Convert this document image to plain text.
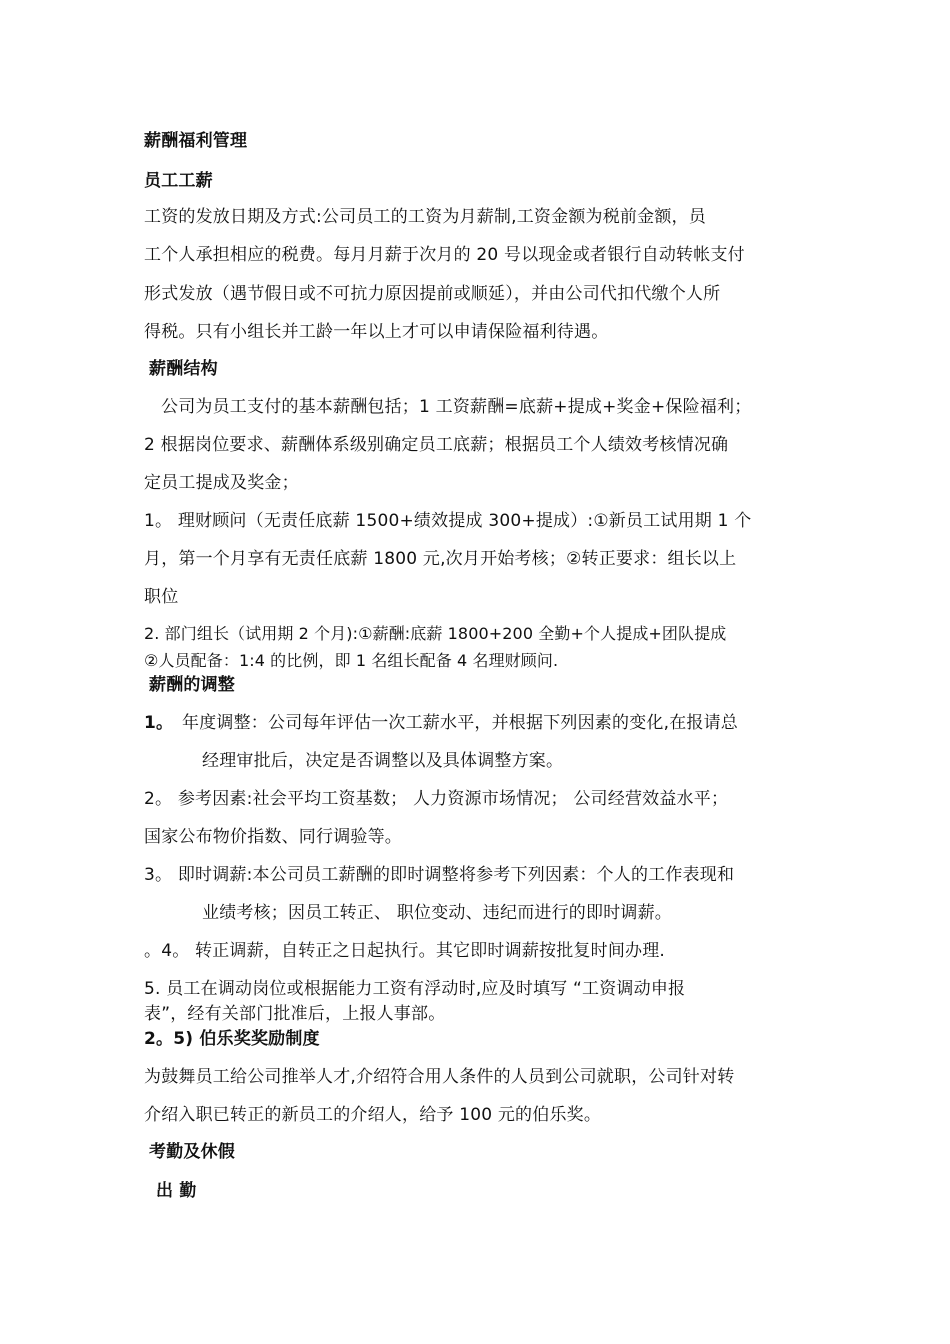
薪酬福利管理
员工工薪
工资的发放日期及方式:公司员工的工资为月薪制,工资金额为税前金额，员
工个人承担相应的税费。每月月薪于次月的 20 号以现金或者银行自动转帐支付
形式发放（遇节假日或不可抗力原因提前或顺延），并由公司代扣代缴个人所
得税。只有小组长并工龄一年以上才可以申请保险福利待遇。
薪酬结构
公司为员工支付的基本薪酬包括；1 工资薪酬=底薪+提成+奖金+保险福利；
2 根据岗位要求、薪酬体系级别确定员工底薪；根据员工个人绩效考核情况确
定员工提成及奖金；
1。 理财顾问（无责任底薪 1500+绩效提成 300+提成）:①新员工试用期 1 个
月，第一个月享有无责任底薪 1800 元,次月开始考核；②转正要求：组长以上
职位
2. 部门组长（试用期 2 个月):①薪酬:底薪 1800+200 全勤+个人提成+团队提成
②人员配备：1:4 的比例，即 1 名组长配备 4 名理财顾问.
薪酬的调整
1。 年度调整：公司每年评估一次工薪水平，并根据下列因素的变化,在报请总
经理审批后，决定是否调整以及具体调整方案。
2。 参考因素:社会平均工资基数； 人力资源市场情况； 公司经营效益水平；
国家公布物价指数、同行调验等。
3。 即时调薪:本公司员工薪酬的即时调整将参考下列因素：个人的工作表现和
业绩考核；因员工转正、 职位变动、违纪而进行的即时调薪。
。4。 转正调薪，自转正之日起执行。其它即时调薪按批复时间办理.
5. 员工在调动岗位或根据能力工资有浮动时,应及时填写 “工资调动申报
表”，经有关部门批准后，上报人事部。
2。5) 伯乐奖奖励制度
为鼓舞员工给公司推举人才,介绍符合用人条件的人员到公司就职，公司针对转
介绍入职已转正的新员工的介绍人，给予 100 元的伯乐奖。
考勤及休假
出 勤
